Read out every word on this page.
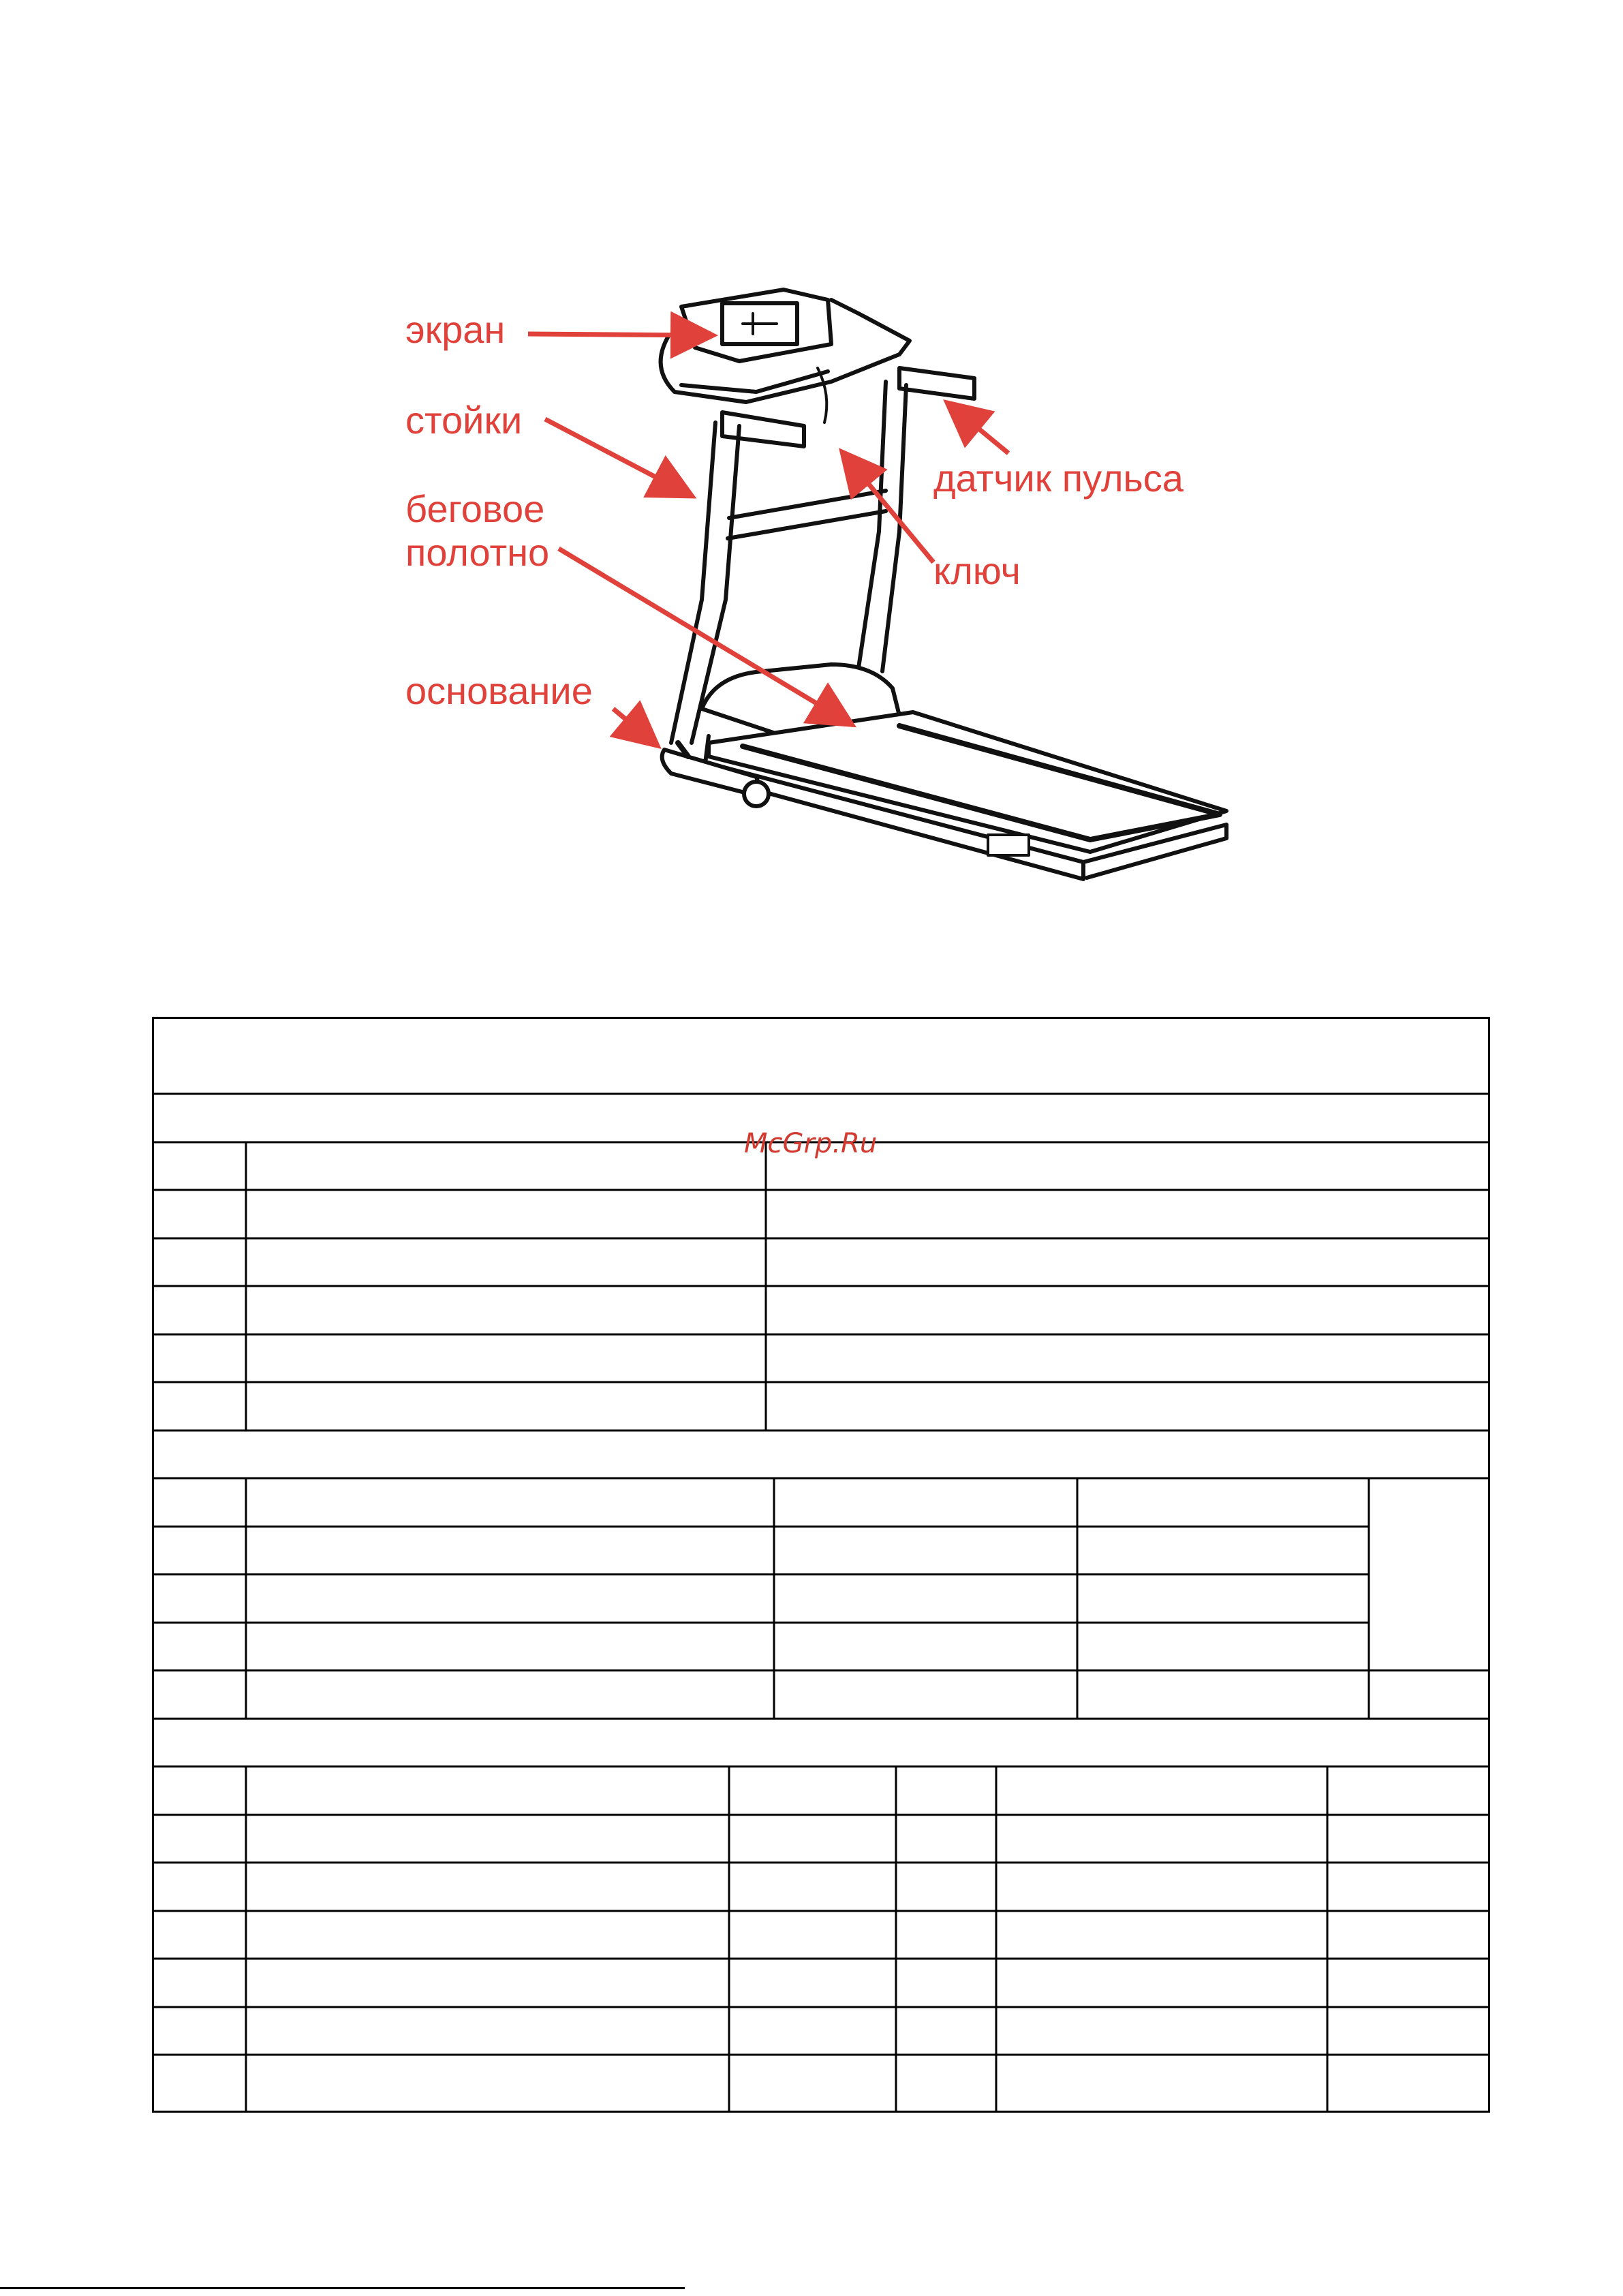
экран
стойки
беговое
полотно
основание
датчик пульса
ключ
McGrp.Ru
